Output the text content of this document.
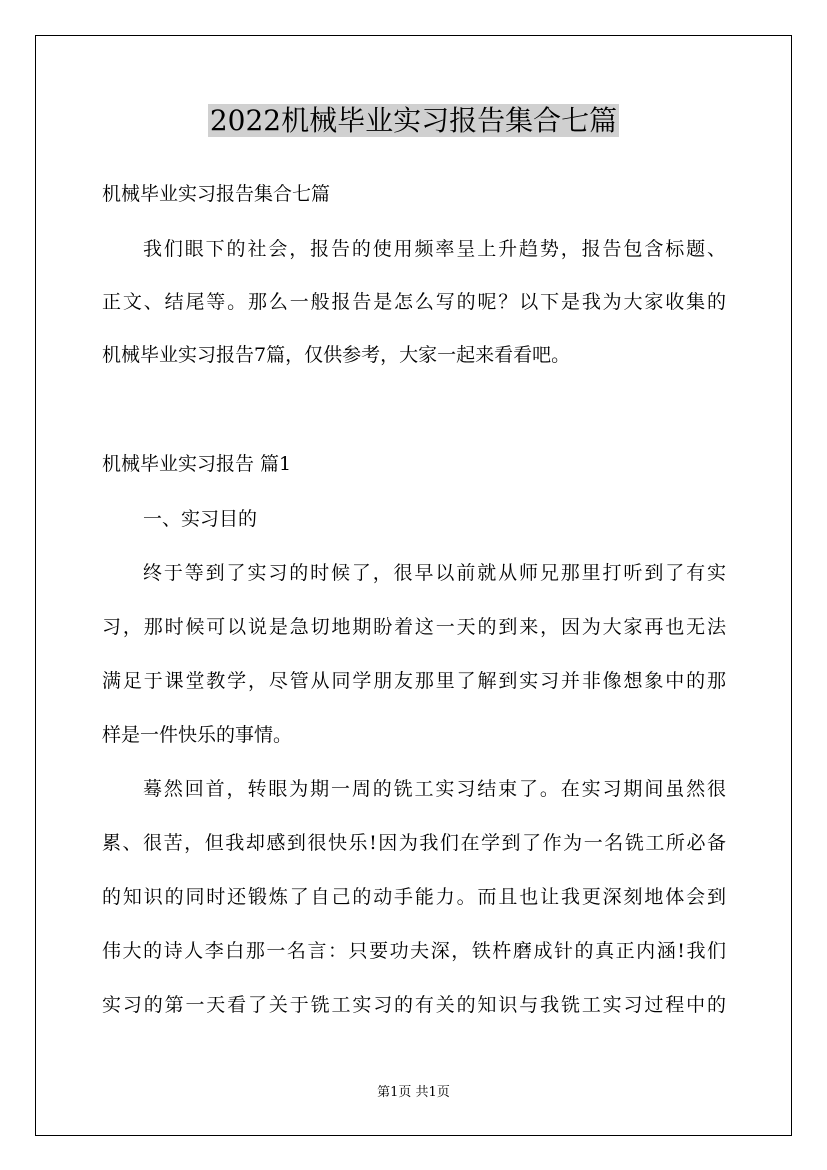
2022机械毕业实习报告集合七篇
机械毕业实习报告集合七篇
我们眼下的社会，报告的使用频率呈上升趋势，报告包含标题、
正文、结尾等。那么一般报告是怎么写的呢？以下是我为大家收集的
机械毕业实习报告7篇，仅供参考，大家一起来看看吧。
机械毕业实习报告 篇1
一、实习目的
终于等到了实习的时候了，很早以前就从师兄那里打听到了有实
习，那时候可以说是急切地期盼着这一天的到来，因为大家再也无法
满足于课堂教学，尽管从同学朋友那里了解到实习并非像想象中的那
样是一件快乐的事情。
蓦然回首，转眼为期一周的铣工实习结束了。在实习期间虽然很
累、很苦，但我却感到很快乐!因为我们在学到了作为一名铣工所必备
的知识的同时还锻炼了自己的动手能力。而且也让我更深刻地体会到
伟大的诗人李白那一名言：只要功夫深，铁杵磨成针的真正内涵!我们
实习的第一天看了关于铣工实习的有关的知识与我铣工实习过程中的
第1页 共1页
